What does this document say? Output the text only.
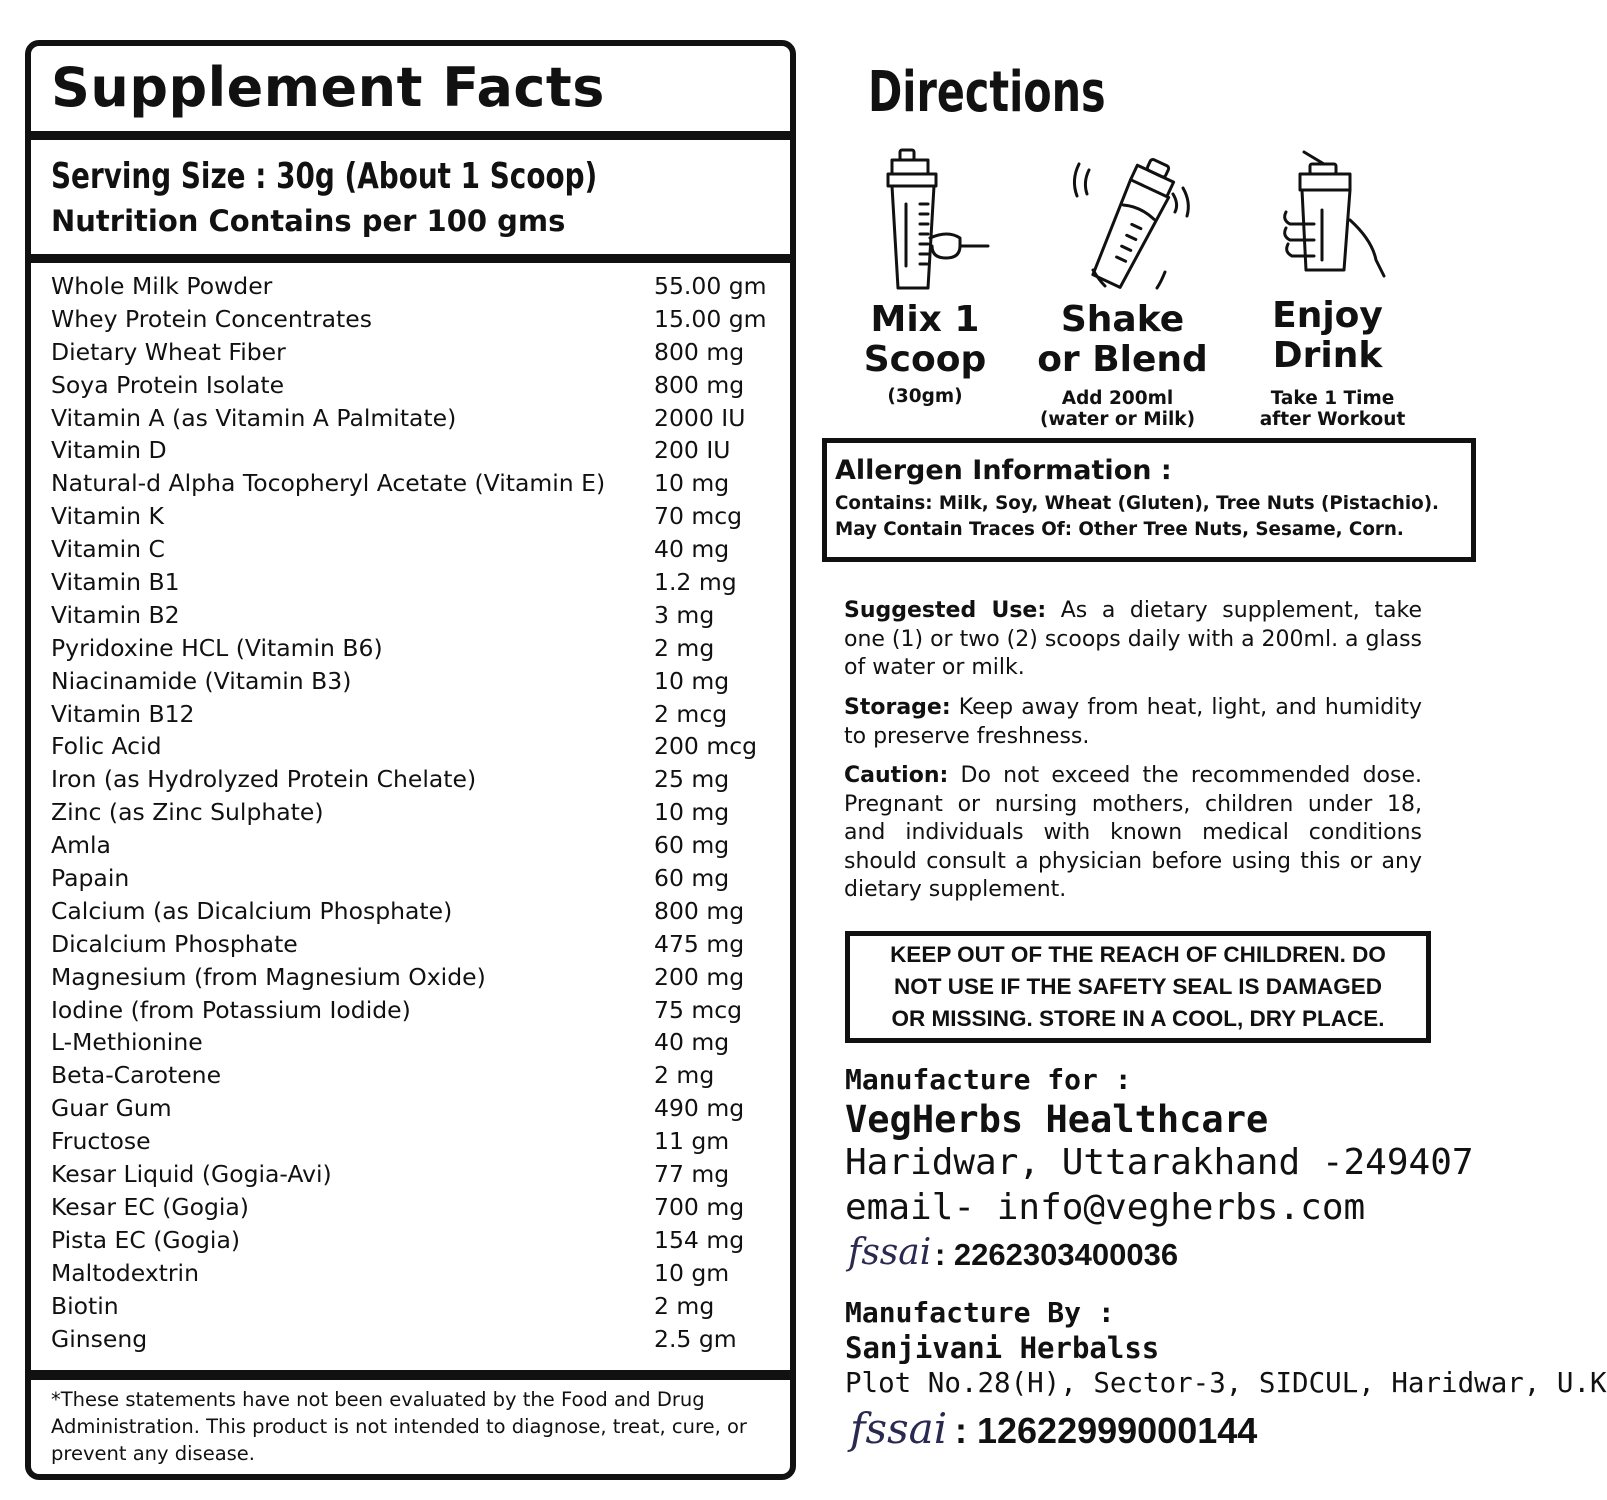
Supplement Facts
Serving Size : 30g (About 1 Scoop)
Nutrition Contains per 100 gms
Whole Milk Powder	55.00 gm
Whey Protein Concentrates	15.00 gm
Dietary Wheat Fiber	800 mg
Soya Protein Isolate	800 mg
Vitamin A (as Vitamin A Palmitate)	2000 IU
Vitamin D	200 IU
Natural-d Alpha Tocopheryl Acetate (Vitamin E) 10 mg
Vitamin K	70 mcg
Vitamin C	40 mg
Vitamin B1	1.2 mg
Vitamin B2	3 mg
Pyridoxine HCL (Vitamin B6)	2 mg
Niacinamide (Vitamin B3)	10 mg
Vitamin B12	2 mcg
Folic Acid	200 mcg
Iron (as Hydrolyzed Protein Chelate)	25 mg
Zinc (as Zinc Sulphate)	10 mg
Amla	60 mg
Papain	60 mg
Calcium (as Dicalcium Phosphate)	800 mg
Dicalcium Phosphate	475 mg
Magnesium (from Magnesium Oxide)	200 mg
Iodine (from Potassium Iodide)	75 mcg
L-Methionine	40 mg
Beta-Carotene	2 mg
Guar Gum	490 mg
Fructose	11 gm
Kesar Liquid (Gogia-Avi)	77 mg
Kesar EC (Gogia)	700 mg
Pista EC (Gogia)	154 mg
Maltodextrin	10 gm
Biotin	2 mg
Ginseng	2.5 gm
*These statements have not been evaluated by the Food and Drug Administration. This product is not intended to diagnose, treat, cure, or prevent any disease.
Directions
Mix 1
Scoop
(30gm)
Shake
or Blend
Add 200ml
(water or Milk)
Enjoy
Drink
Take 1 Time
after Workout
Allergen Information :
Contains: Milk, Soy, Wheat (Gluten), Tree Nuts (Pistachio).
May Contain Traces Of: Other Tree Nuts, Sesame, Corn.
Suggested Use: As a dietary supplement, take one (1) or two (2) scoops daily with a 200ml. a glass of water or milk.
Storage: Keep away from heat, light, and humidity to preserve freshness.
Caution: Do not exceed the recommended dose. Pregnant or nursing mothers, children under 18, and individuals with known medical conditions should consult a physician before using this or any dietary supplement.
KEEP OUT OF THE REACH OF CHILDREN. DO
NOT USE IF THE SAFETY SEAL IS DAMAGED
OR MISSING. STORE IN A COOL, DRY PLACE.
Manufacture for :
VegHerbs Healthcare
Haridwar, Uttarakhand -249407
email- info@vegherbs.com
fssai : 2262303400036
Manufacture By :
Sanjivani Herbalss
Plot No.28(H), Sector-3, SIDCUL, Haridwar, U.K
fssai : 12622999000144
